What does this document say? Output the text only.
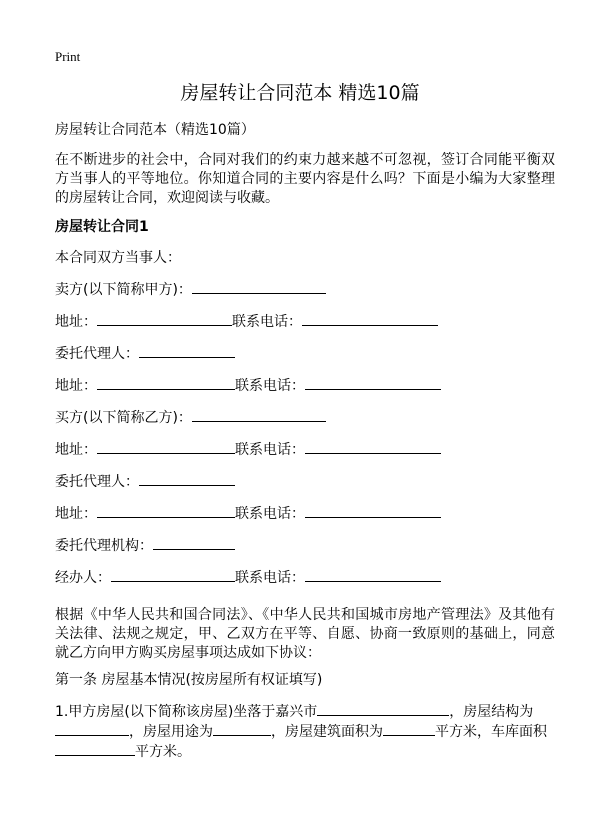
Print
房屋转让合同范本 精选10篇
房屋转让合同范本（精选10篇）
在不断进步的社会中，合同对我们的约束力越来越不可忽视，签订合同能平衡双方当事人的平等地位。你知道合同的主要内容是什么吗？下面是小编为大家整理的房屋转让合同，欢迎阅读与收藏。
房屋转让合同1
本合同双方当事人：
卖方(以下简称甲方)：
地址：	联系电话：
委托代理人：
地址：	联系电话：
买方(以下简称乙方)：
地址：	联系电话：
委托代理人：
地址：	联系电话：
委托代理机构：
经办人：	联系电话：
根据《中华人民共和国合同法》、《中华人民共和国城市房地产管理法》及其他有关法律、法规之规定，甲、乙双方在平等、自愿、协商一致原则的基础上，同意就乙方向甲方购买房屋事项达成如下协议：
第一条 房屋基本情况(按房屋所有权证填写)
1.甲方房屋(以下简称该房屋)坐落于嘉兴市	，房屋结构为，房屋用途为	，房屋建筑面积为	平方米，车库面积平方米。
